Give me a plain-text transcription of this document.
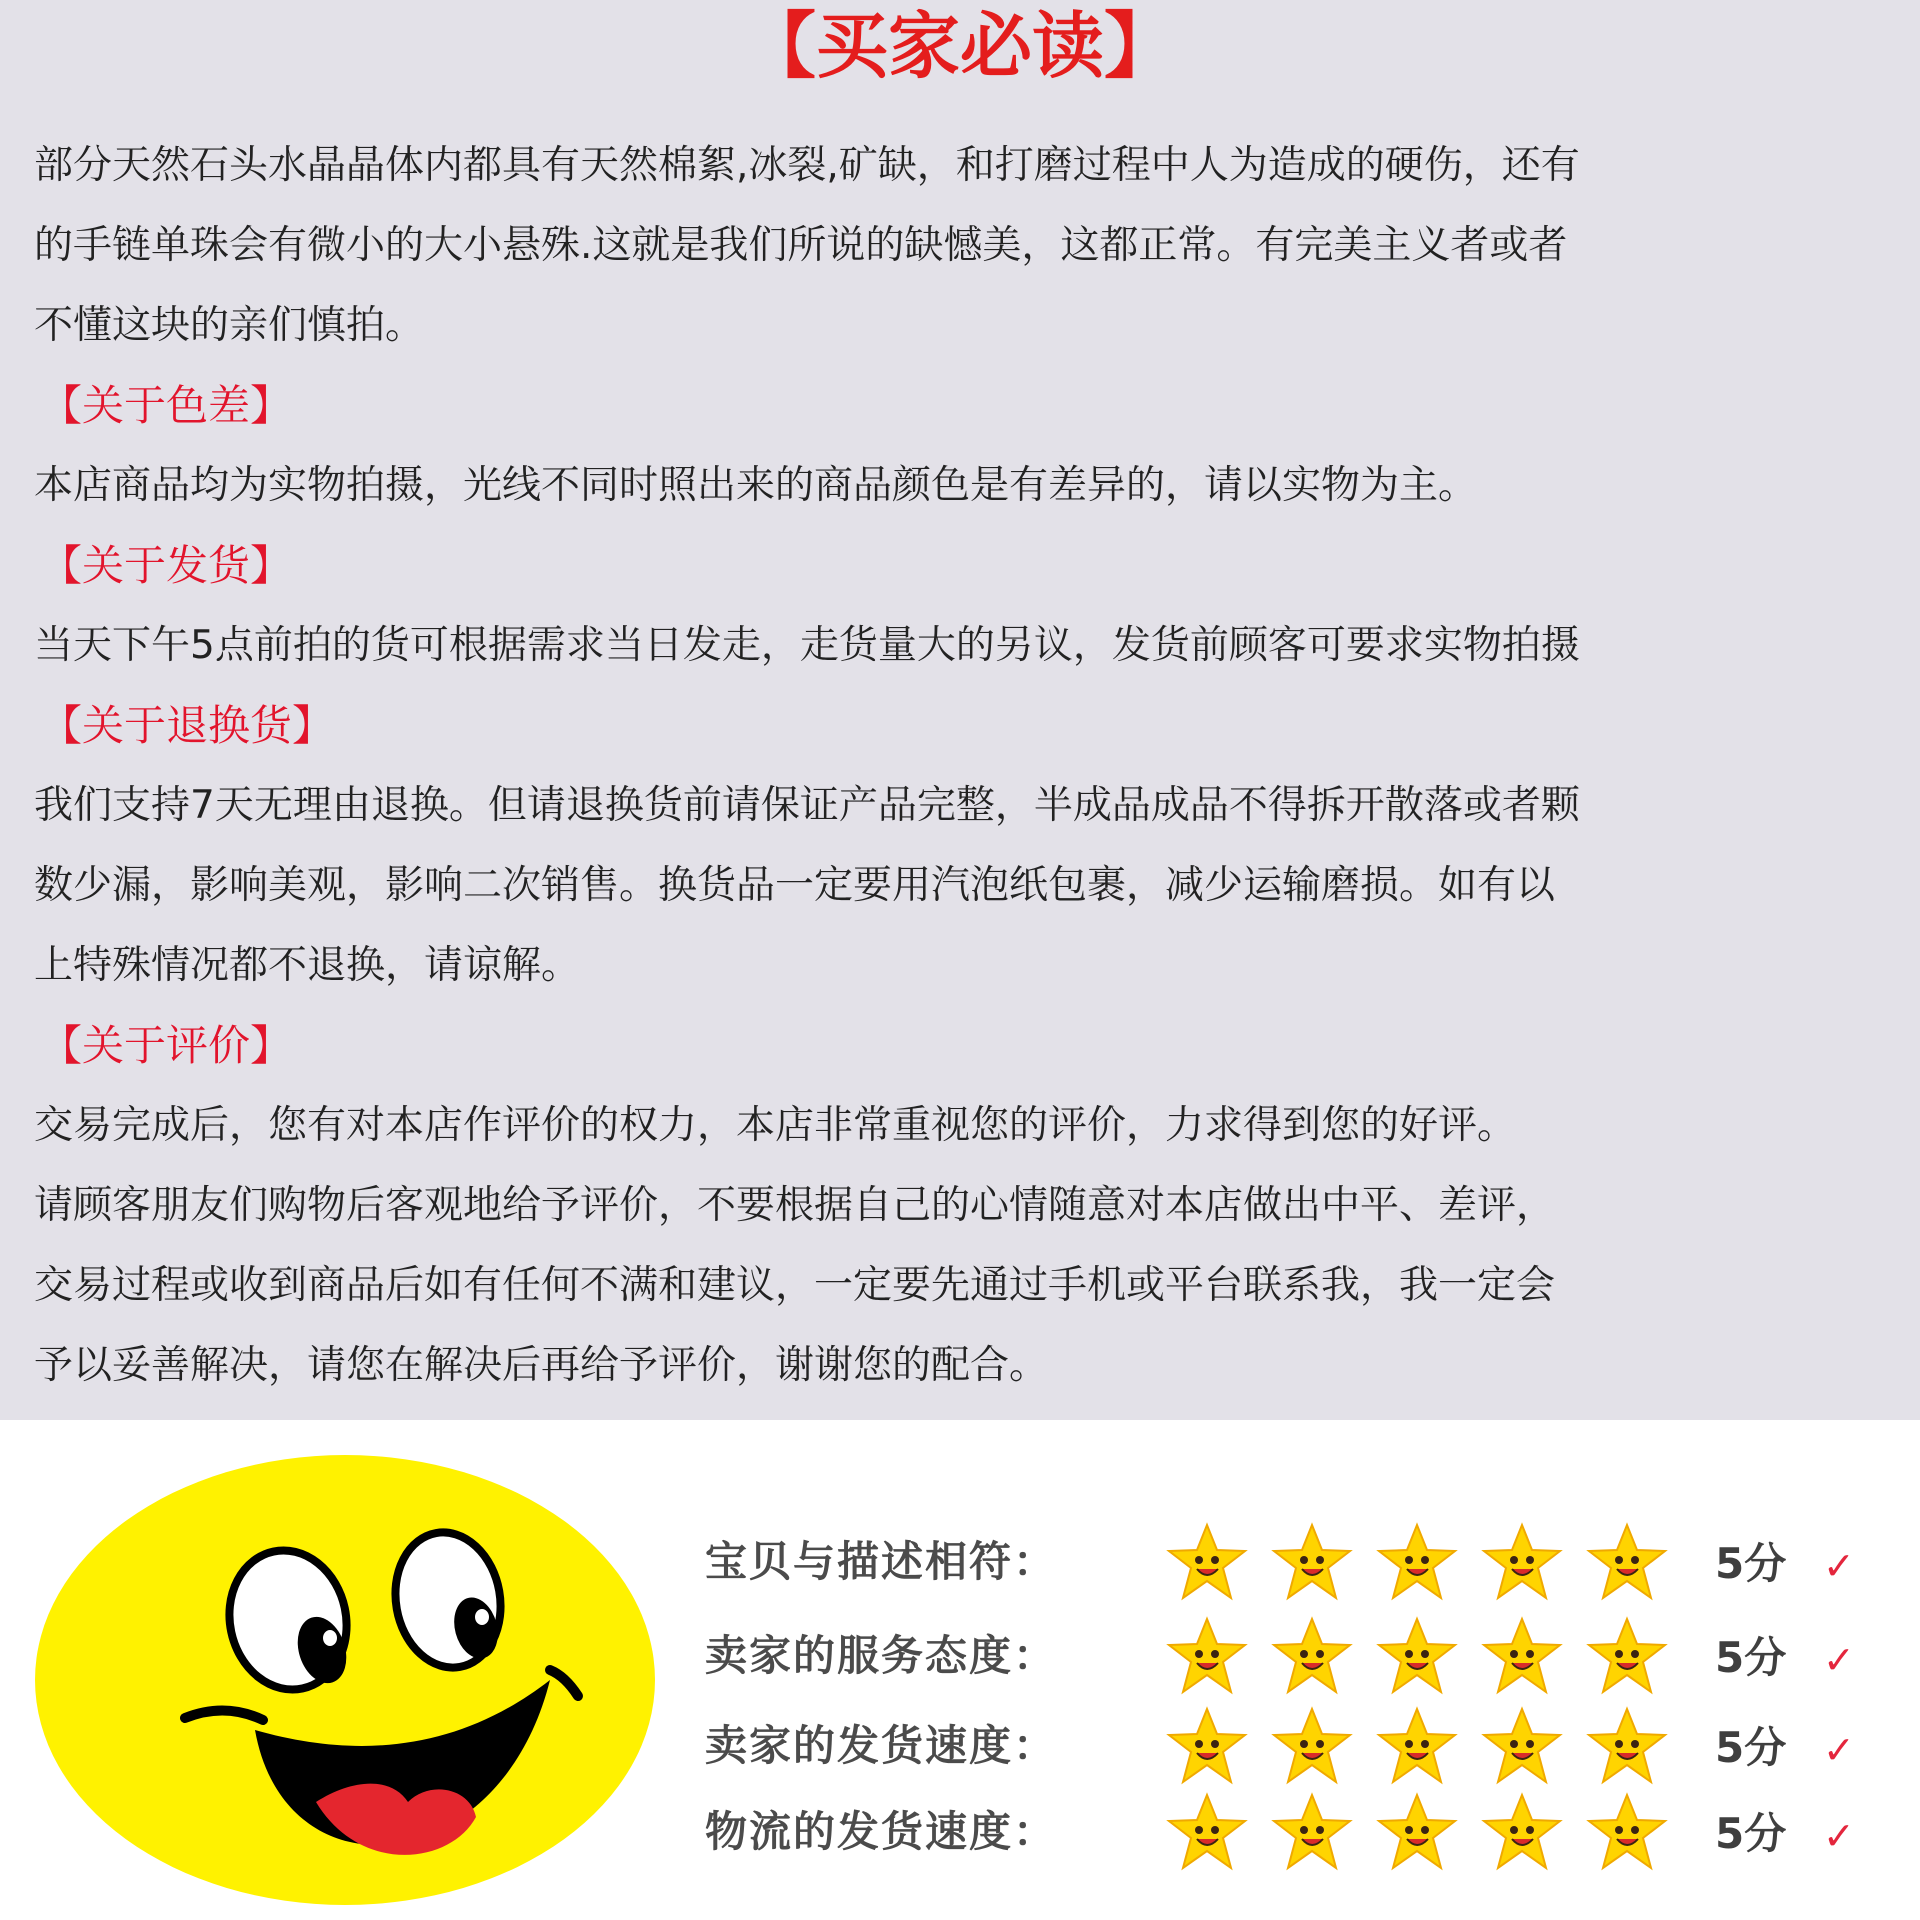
【买家必读】
部分天然石头水晶晶体内都具有天然棉絮,冰裂,矿缺，和打磨过程中人为造成的硬伤，还有
的手链单珠会有微小的大小悬殊.这就是我们所说的缺憾美，这都正常。有完美主义者或者
不懂这块的亲们慎拍。
【关于色差】
本店商品均为实物拍摄，光线不同时照出来的商品颜色是有差异的，请以实物为主。
【关于发货】
当天下午5点前拍的货可根据需求当日发走，走货量大的另议，发货前顾客可要求实物拍摄
【关于退换货】
我们支持7天无理由退换。但请退换货前请保证产品完整，半成品成品不得拆开散落或者颗
数少漏，影响美观，影响二次销售。换货品一定要用汽泡纸包裹，减少运输磨损。如有以
上特殊情况都不退换，请谅解。
【关于评价】
交易完成后，您有对本店作评价的权力，本店非常重视您的评价，力求得到您的好评。
请顾客朋友们购物后客观地给予评价，不要根据自己的心情随意对本店做出中平、差评，
交易过程或收到商品后如有任何不满和建议，一定要先通过手机或平台联系我，我一定会
予以妥善解决，请您在解决后再给予评价，谢谢您的配合。
宝贝与描述相符：	5分 ✓
卖家的服务态度：	5分 ✓
卖家的发货速度：	5分 ✓
物流的发货速度：	5分 ✓
